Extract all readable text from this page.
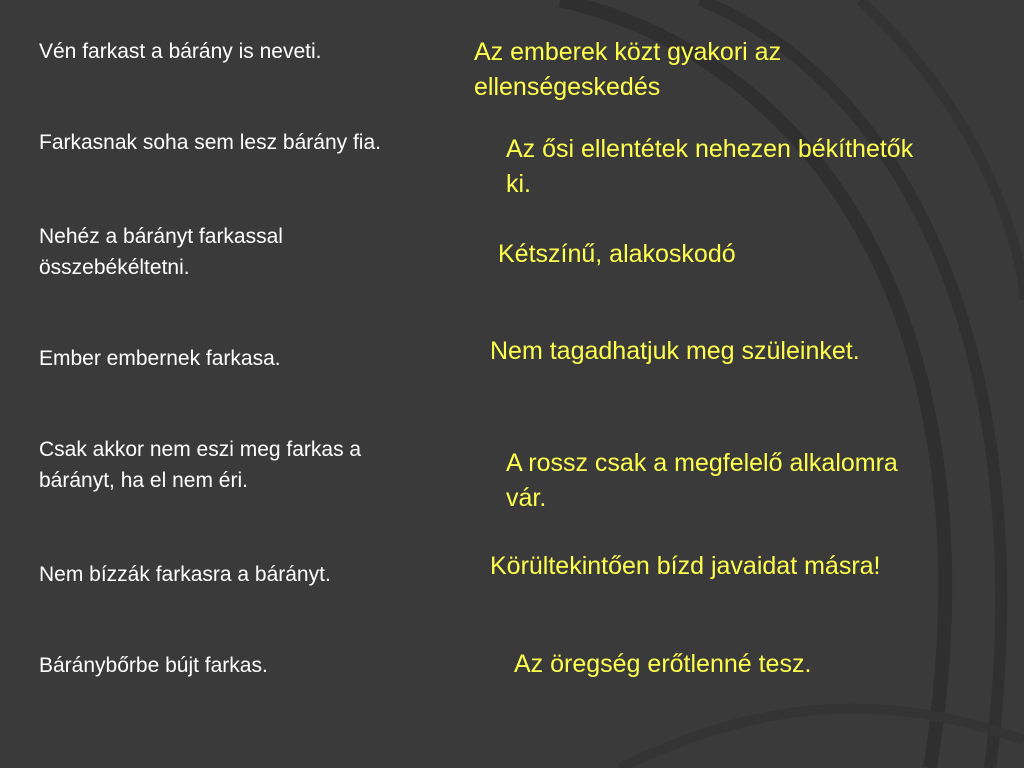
Vén farkast a bárány is neveti.
Farkasnak soha sem lesz bárány fia.
Nehéz a bárányt farkassal
összebékéltetni.
Ember embernek farkasa.
Csak akkor nem eszi meg farkas a
bárányt, ha el nem éri.
Nem bízzák farkasra a bárányt.
Báránybőrbe bújt farkas.
Az emberek közt gyakori az
ellenségeskedés
Az ősi ellentétek nehezen békíthetők
ki.
Kétszínű, alakoskodó
Nem tagadhatjuk meg szüleinket.
A rossz csak a megfelelő alkalomra
vár.
Körültekintően bízd javaidat másra!
Az öregség erőtlenné tesz.
